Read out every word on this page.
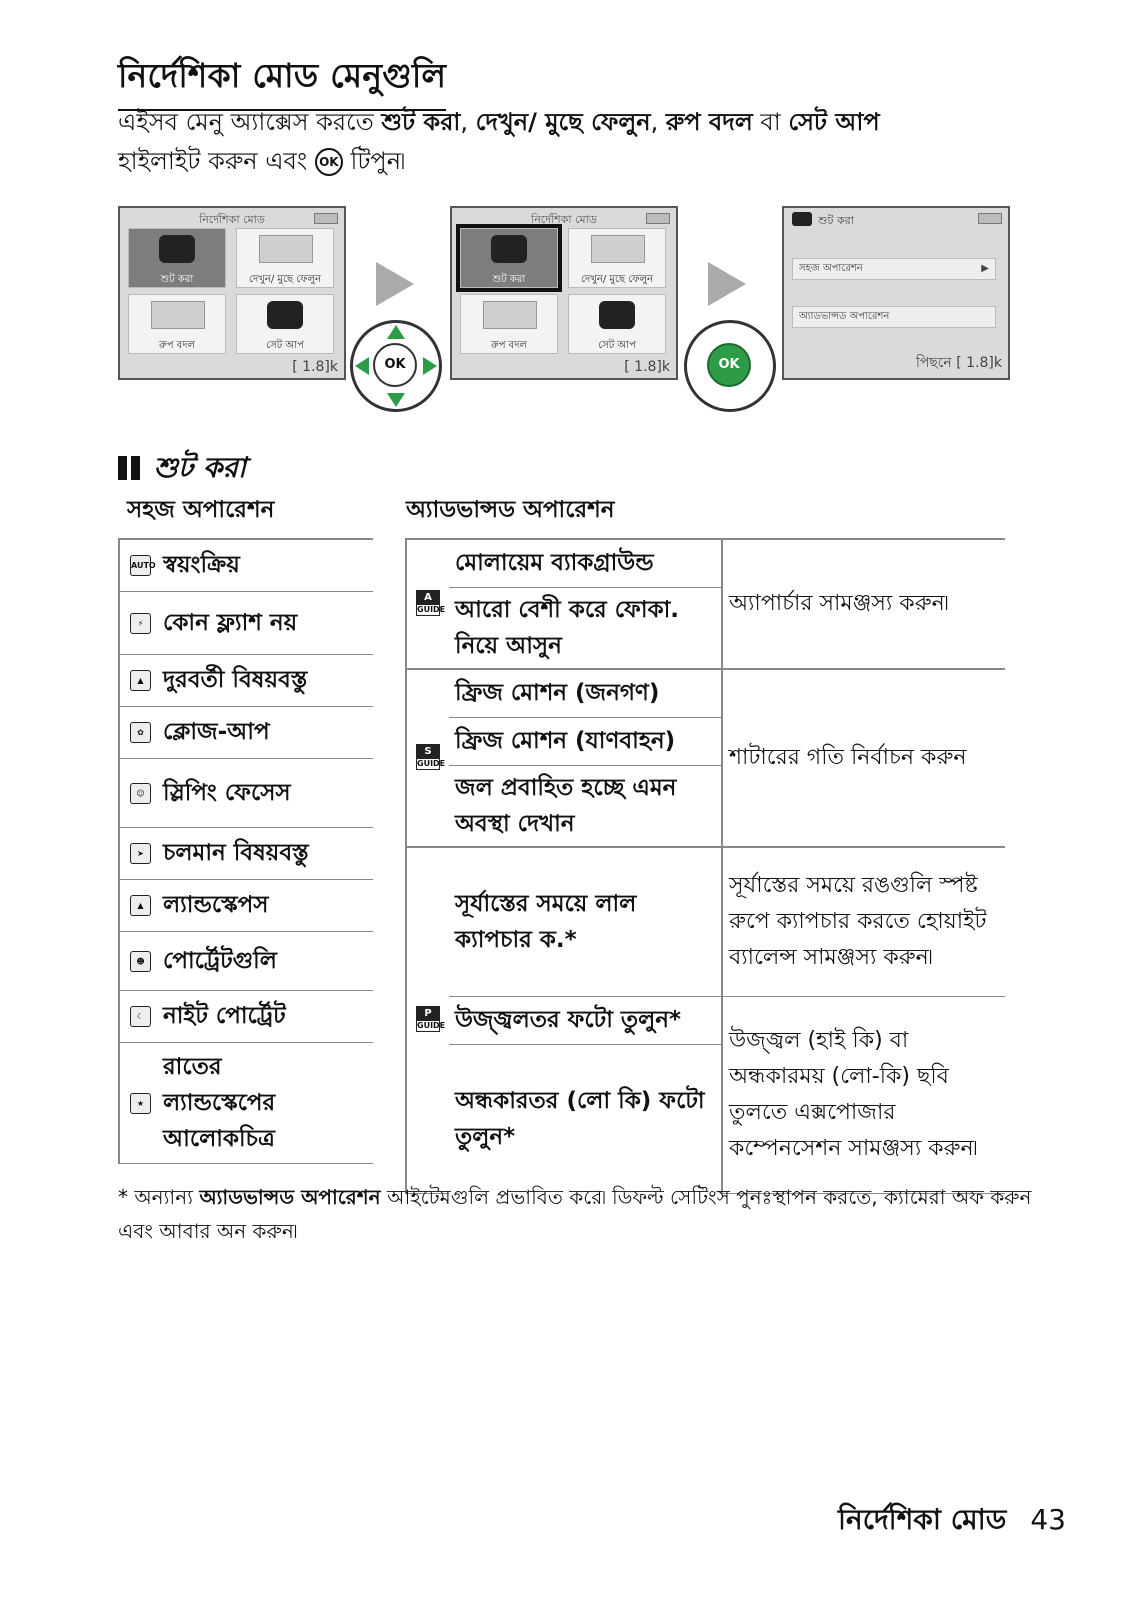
নির্দেশিকা মোড মেনুগুলি
এইসব মেনু অ্যাক্সেস করতে শুট করা, দেখুন/ মুছে ফেলুন, রুপ বদল বা সেট আপ
হাইলাইট করুন এবং OK টিপুন৷
নির্দেশিকা মোড
শুট করা	দেখুন/ মুছে ফেলুন
রুপ বদল	সেট আপ
[ 1.8]k	OK
নির্দেশিকা মোড
শুট করা	দেখুন/ মুছে ফেলুন
রুপ বদল	সেট আপ
[ 1.8]k	OK
শুট করা
সহজ অপারেশন	▶
অ্যাডভান্সড অপারেশন
পিছনে [ 1.8]k
শুট করা
সহজ অপারেশন
AUTO স্বয়ংক্রিয়
⚡ কোন ফ্ল্যাশ নয়
▲ দুরবর্তী বিষয়বস্তু
✿ ক্লোজ-আপ
☺ স্লিপিং ফেসেস
➤ চলমান বিষয়বস্তু
▲ ল্যান্ডস্কেপস
☻ পোর্ট্রেটগুলি
☾ নাইট পোর্ট্রেট
★রাতের ল্যান্ডস্কেপের আলোকচিত্র
অ্যাডভান্সড অপারেশন		
A
GUIDE	মোলায়েম ব্যাকগ্রাউন্ড	অ্যাপার্চার সামঞ্জস্য করুন৷
	আরো বেশী করে ফোকা. নিয়ে আসুন	
S
GUIDE	ফ্রিজ মোশন (জনগণ)	শাটারের গতি নির্বাচন করুন
	ফ্রিজ মোশন (যাণবাহন)	
	জল প্রবাহিত হচ্ছে এমন অবস্থা দেখান	
P
GUIDE	সূর্যাস্তের সময়ে লাল ক্যাপচার ক.*	সূর্যাস্তের সময়ে রঙগুলি স্পষ্ট রুপে ক্যাপচার করতে হোয়াইট ব্যালেন্স সামঞ্জস্য করুন৷
	উজ্জ্বলতর ফটো তুলুন*	উজ্জ্বল (হাই কি) বা অন্ধকারময় (লো-কি) ছবি তুলতে এক্সপোজার কম্পেনসেশন সামঞ্জস্য করুন৷
	অন্ধকারতর (লো কি) ফটো তুলুন*	
* অন্যান্য অ্যাডভান্সড অপারেশন আইটেমগুলি প্রভাবিত করে৷ ডিফল্ট সেটিংস পুনঃস্থাপন করতে, ক্যামেরা অফ করুন এবং আবার অন করুন৷
নির্দেশিকা মোড 43
